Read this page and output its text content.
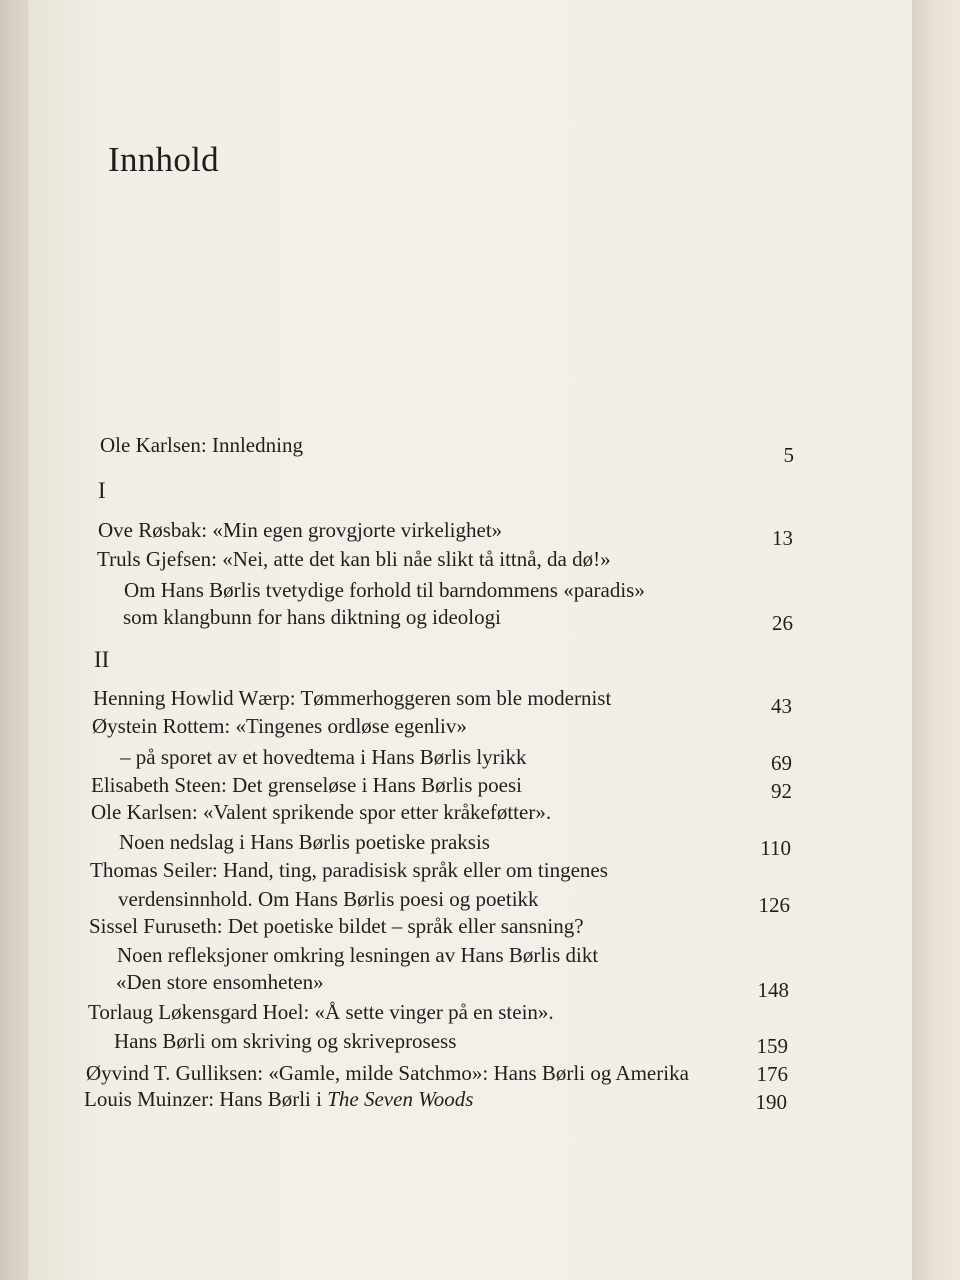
Innhold
Ole Karlsen: Innledning	5
I
Ove Røsbak: «Min egen grovgjorte virkelighet»	13
Truls Gjefsen: «Nei, atte det kan bli nåe slikt tå ittnå, da dø!»
Om Hans Børlis tvetydige forhold til barndommens «paradis»
som klangbunn for hans diktning og ideologi	26
II
Henning Howlid Wærp: Tømmerhoggeren som ble modernist	43
Øystein Rottem: «Tingenes ordløse egenliv»
– på sporet av et hovedtema i Hans Børlis lyrikk	69
Elisabeth Steen: Det grenseløse i Hans Børlis poesi	92
Ole Karlsen: «Valent sprikende spor etter kråkeføtter».
Noen nedslag i Hans Børlis poetiske praksis	110
Thomas Seiler: Hand, ting, paradisisk språk eller om tingenes
verdensinnhold. Om Hans Børlis poesi og poetikk	126
Sissel Furuseth: Det poetiske bildet – språk eller sansning?
Noen refleksjoner omkring lesningen av Hans Børlis dikt
«Den store ensomheten»	148
Torlaug Løkensgard Hoel: «Å sette vinger på en stein».
Hans Børli om skriving og skriveprosess	159
Øyvind T. Gulliksen: «Gamle, milde Satchmo»: Hans Børli og Amerika	176
Louis Muinzer: Hans Børli i The Seven Woods	190
